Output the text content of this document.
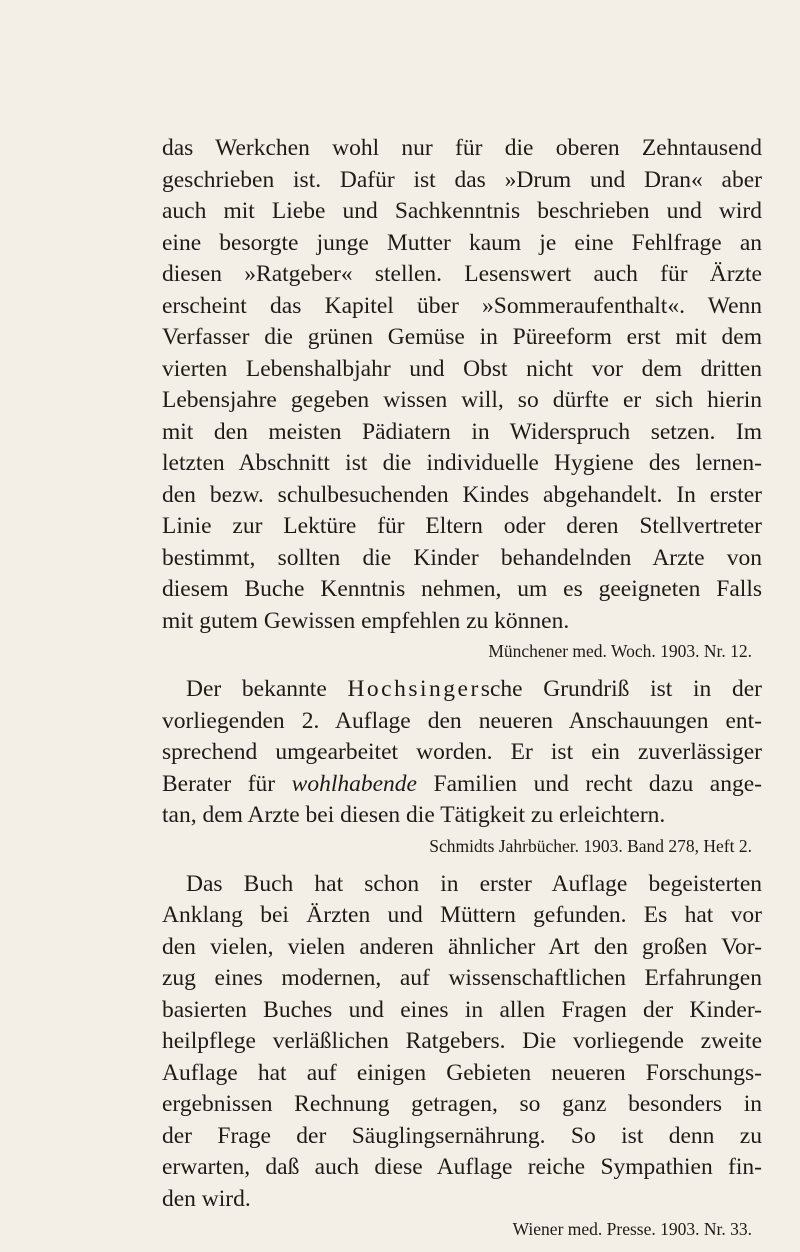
das Werkchen wohl nur für die oberen Zehntausend
geschrieben ist. Dafür ist das »Drum und Dran« aber
auch mit Liebe und Sachkenntnis beschrieben und wird
eine besorgte junge Mutter kaum je eine Fehlfrage an
diesen »Ratgeber« stellen. Lesenswert auch für Ärzte
erscheint das Kapitel über »Sommeraufenthalt«. Wenn
Verfasser die grünen Gemüse in Püreeform erst mit dem
vierten Lebenshalbjahr und Obst nicht vor dem dritten
Lebensjahre gegeben wissen will, so dürfte er sich hierin
mit den meisten Pädiatern in Widerspruch setzen. Im
letzten Abschnitt ist die individuelle Hygiene des lernen-
den bezw. schulbesuchenden Kindes abgehandelt. In erster
Linie zur Lektüre für Eltern oder deren Stellvertreter
bestimmt, sollten die Kinder behandelnden Arzte von
diesem Buche Kenntnis nehmen, um es geeigneten Falls
mit gutem Gewissen empfehlen zu können.
Münchener med. Woch. 1903. Nr. 12.
Der bekannte Hochsingersche Grundriß ist in der
vorliegenden 2. Auflage den neueren Anschauungen ent-
sprechend umgearbeitet worden. Er ist ein zuverlässiger
Berater für wohlhabende Familien und recht dazu ange-
tan, dem Arzte bei diesen die Tätigkeit zu erleichtern.
Schmidts Jahrbücher. 1903. Band 278, Heft 2.
Das Buch hat schon in erster Auflage begeisterten
Anklang bei Ärzten und Müttern gefunden. Es hat vor
den vielen, vielen anderen ähnlicher Art den großen Vor-
zug eines modernen, auf wissenschaftlichen Erfahrungen
basierten Buches und eines in allen Fragen der Kinder-
heilpflege verläßlichen Ratgebers. Die vorliegende zweite
Auflage hat auf einigen Gebieten neueren Forschungs-
ergebnissen Rechnung getragen, so ganz besonders in
der Frage der Säuglingsernährung. So ist denn zu
erwarten, daß auch diese Auflage reiche Sympathien fin-
den wird.
Wiener med. Presse. 1903. Nr. 33.
